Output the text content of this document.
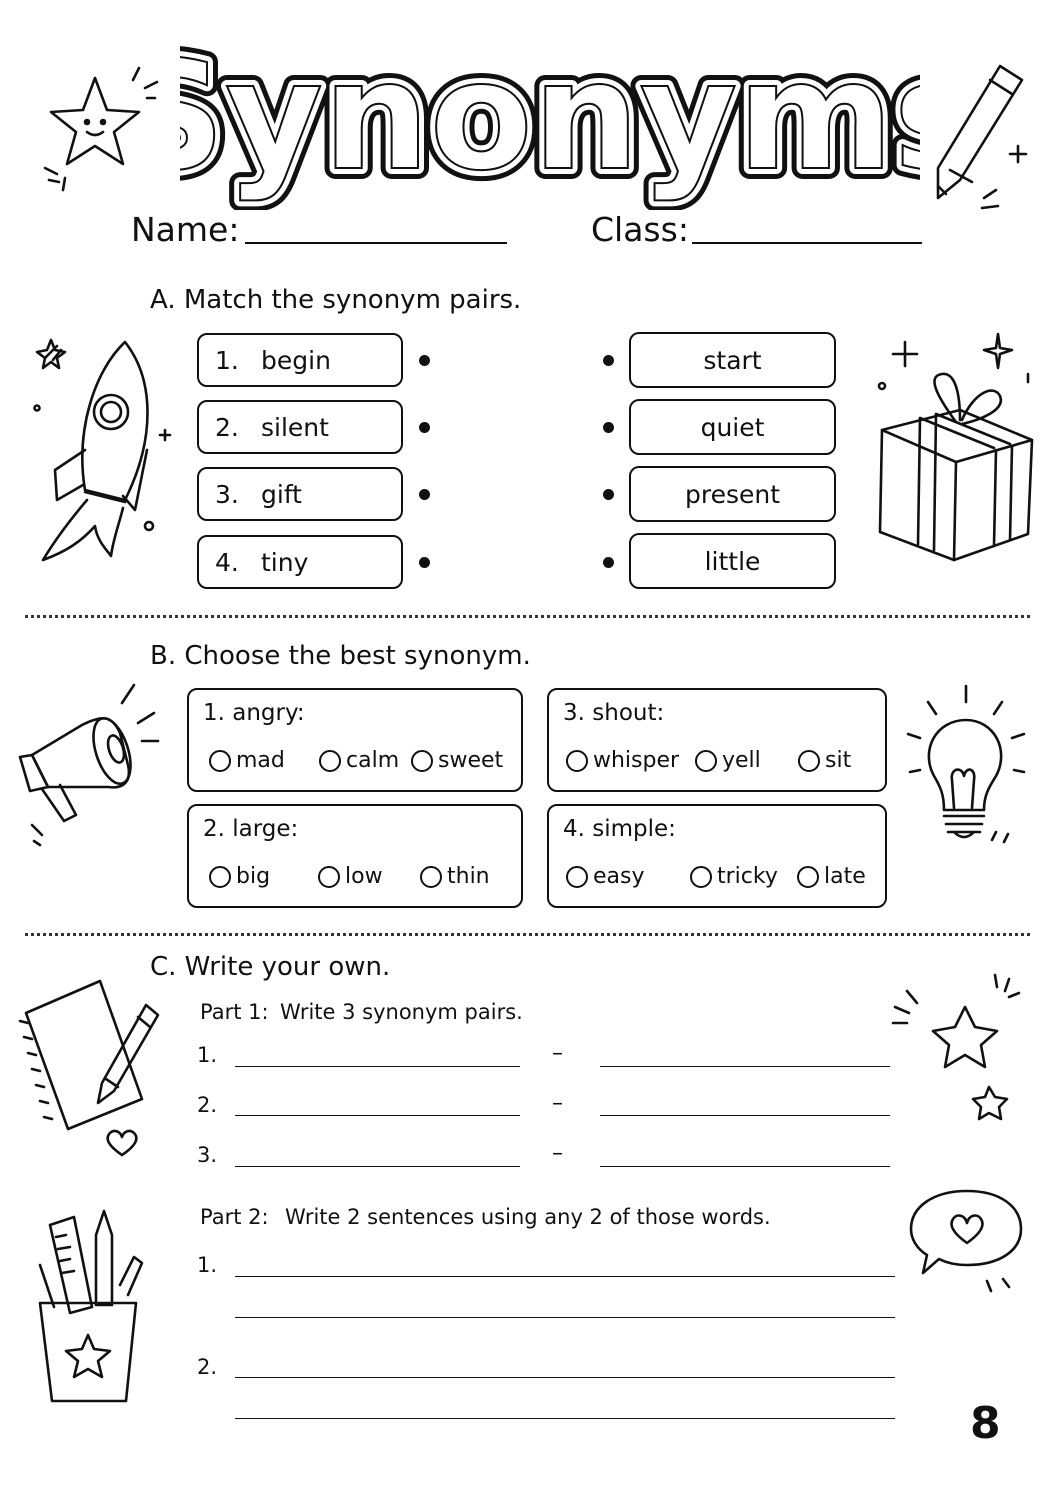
ynonym
ynonym
ynonym
Name:	Class:
A. Match the synonym pairs.
1. begin
2. silent
3. gift
4. tiny
start
quiet
present
little
B. Choose the best synonym.
1. angry:
mad	calm sweet
2. large:
big	low	thin
3. shout:
whisper yell	sit
4. simple:
easy	tricky late
C. Write your own.
Part 1: Write 3 synonym pairs.
1.	–
2.	–
3.	–
Part 2: Write 2 sentences using any 2 of those words.
1.
2.
8
